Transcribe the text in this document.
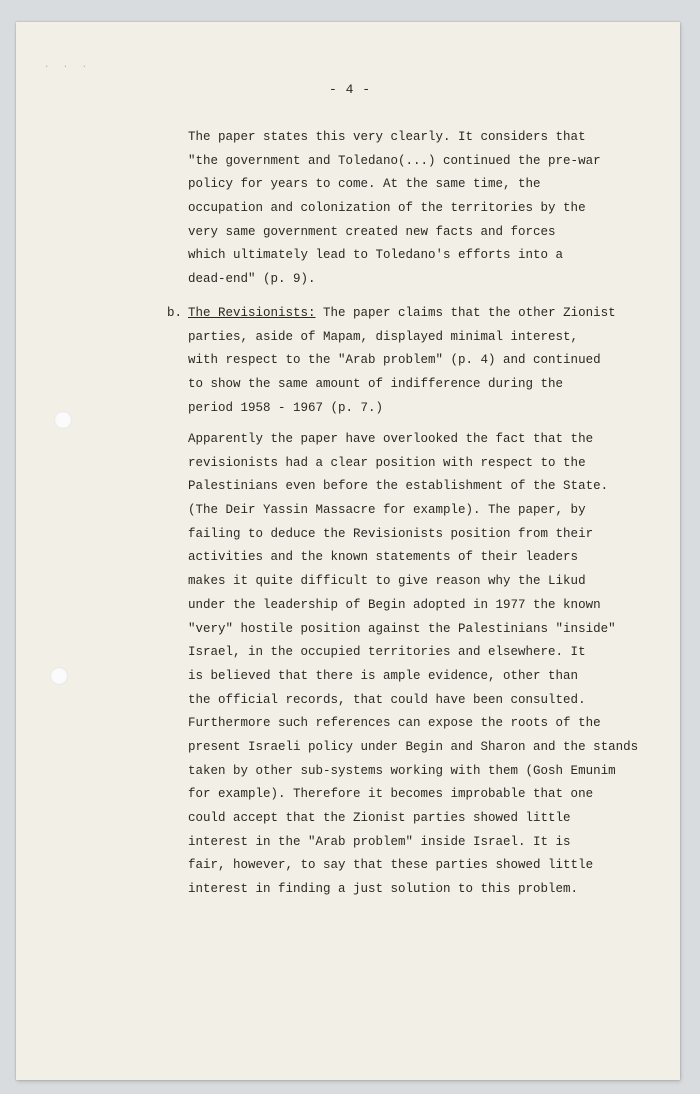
. . .
- 4 -
The paper states this very clearly. It considers that
"the government and Toledano(...) continued the pre-war
policy for years to come. At the same time, the
occupation and colonization of the territories by the
very same government created new facts and forces
which ultimately lead to Toledano's efforts into a
dead-end" (p. 9).
b. The Revisionists: The paper claims that the other Zionist
parties, aside of Mapam, displayed minimal interest,
with respect to the "Arab problem" (p. 4) and continued
to show the same amount of indifference during the
period 1958 - 1967 (p. 7.)
Apparently the paper have overlooked the fact that the
revisionists had a clear position with respect to the
Palestinians even before the establishment of the State.
(The Deir Yassin Massacre for example). The paper, by
failing to deduce the Revisionists position from their
activities and the known statements of their leaders
makes it quite difficult to give reason why the Likud
under the leadership of Begin adopted in 1977 the known
"very" hostile position against the Palestinians "inside"
Israel, in the occupied territories and elsewhere. It
is believed that there is ample evidence, other than
the official records, that could have been consulted.
Furthermore such references can expose the roots of the
present Israeli policy under Begin and Sharon and the stands
taken by other sub-systems working with them (Gosh Emunim
for example). Therefore it becomes improbable that one
could accept that the Zionist parties showed little
interest in the "Arab problem" inside Israel. It is
fair, however, to say that these parties showed little
interest in finding a just solution to this problem.
